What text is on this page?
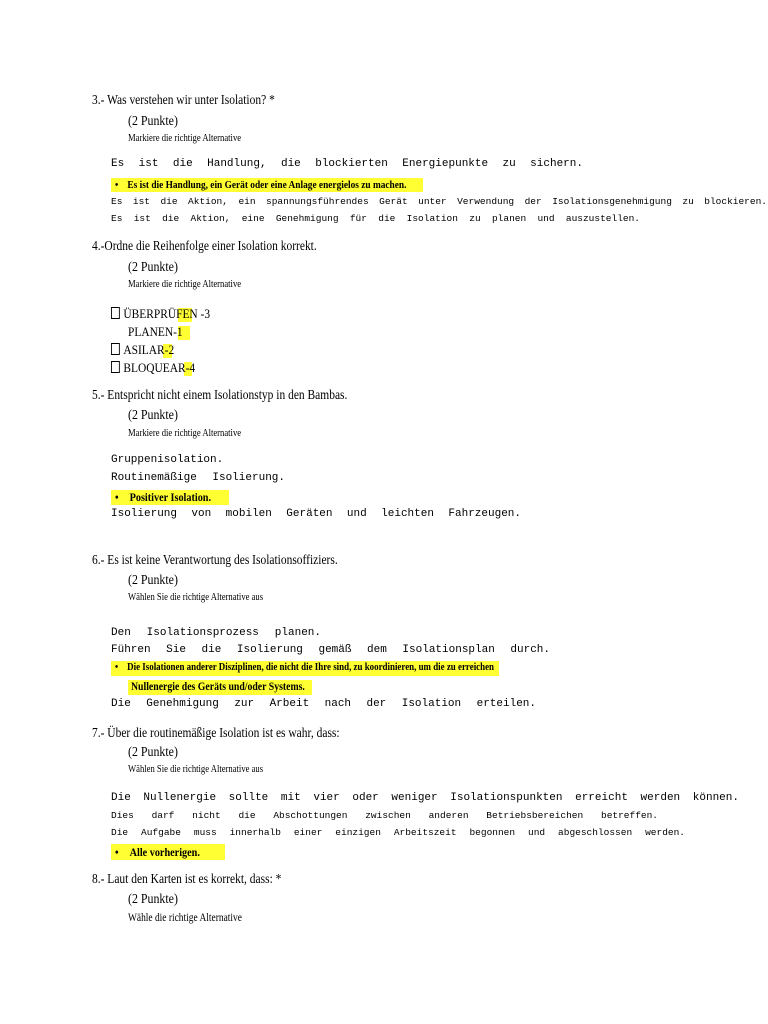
3.- Was verstehen wir unter Isolation? *
(2 Punkte)
Markiere die richtige Alternative
Es ist die Handlung, die blockierten Energiepunkte zu sichern.
• Es ist die Handlung, ein Gerät oder eine Anlage energielos zu machen.
Es ist die Aktion, ein spannungsführendes Gerät unter Verwendung der Isolationsgenehmigung zu blockieren.
Es ist die Aktion, eine Genehmigung für die Isolation zu planen und auszustellen.
4.-Ordne die Reihenfolge einer Isolation korrekt.
(2 Punkte)
Markiere die richtige Alternative
ÜBERPRÜFEN -3
PLANEN-1
ASILAR-2
BLOQUEAR-4
5.- Entspricht nicht einem Isolationstyp in den Bambas.
(2 Punkte)
Markiere die richtige Alternative
Gruppenisolation.
Routinemäßige Isolierung.
• Positiver Isolation.
Isolierung von mobilen Geräten und leichten Fahrzeugen.
6.- Es ist keine Verantwortung des Isolationsoffiziers.
(2 Punkte)
Wählen Sie die richtige Alternative aus
Den Isolationsprozess planen.
Führen Sie die Isolierung gemäß dem Isolationsplan durch.
• Die Isolationen anderer Disziplinen, die nicht die Ihre sind, zu koordinieren, um die zu erreichen
Nullenergie des Geräts und/oder Systems.
Die Genehmigung zur Arbeit nach der Isolation erteilen.
7.- Über die routinemäßige Isolation ist es wahr, dass:
(2 Punkte)
Wählen Sie die richtige Alternative aus
Die Nullenergie sollte mit vier oder weniger Isolationspunkten erreicht werden können.
Dies darf nicht die Abschottungen zwischen anderen Betriebsbereichen betreffen.
Die Aufgabe muss innerhalb einer einzigen Arbeitszeit begonnen und abgeschlossen werden.
• Alle vorherigen.
8.- Laut den Karten ist es korrekt, dass: *
(2 Punkte)
Wähle die richtige Alternative
